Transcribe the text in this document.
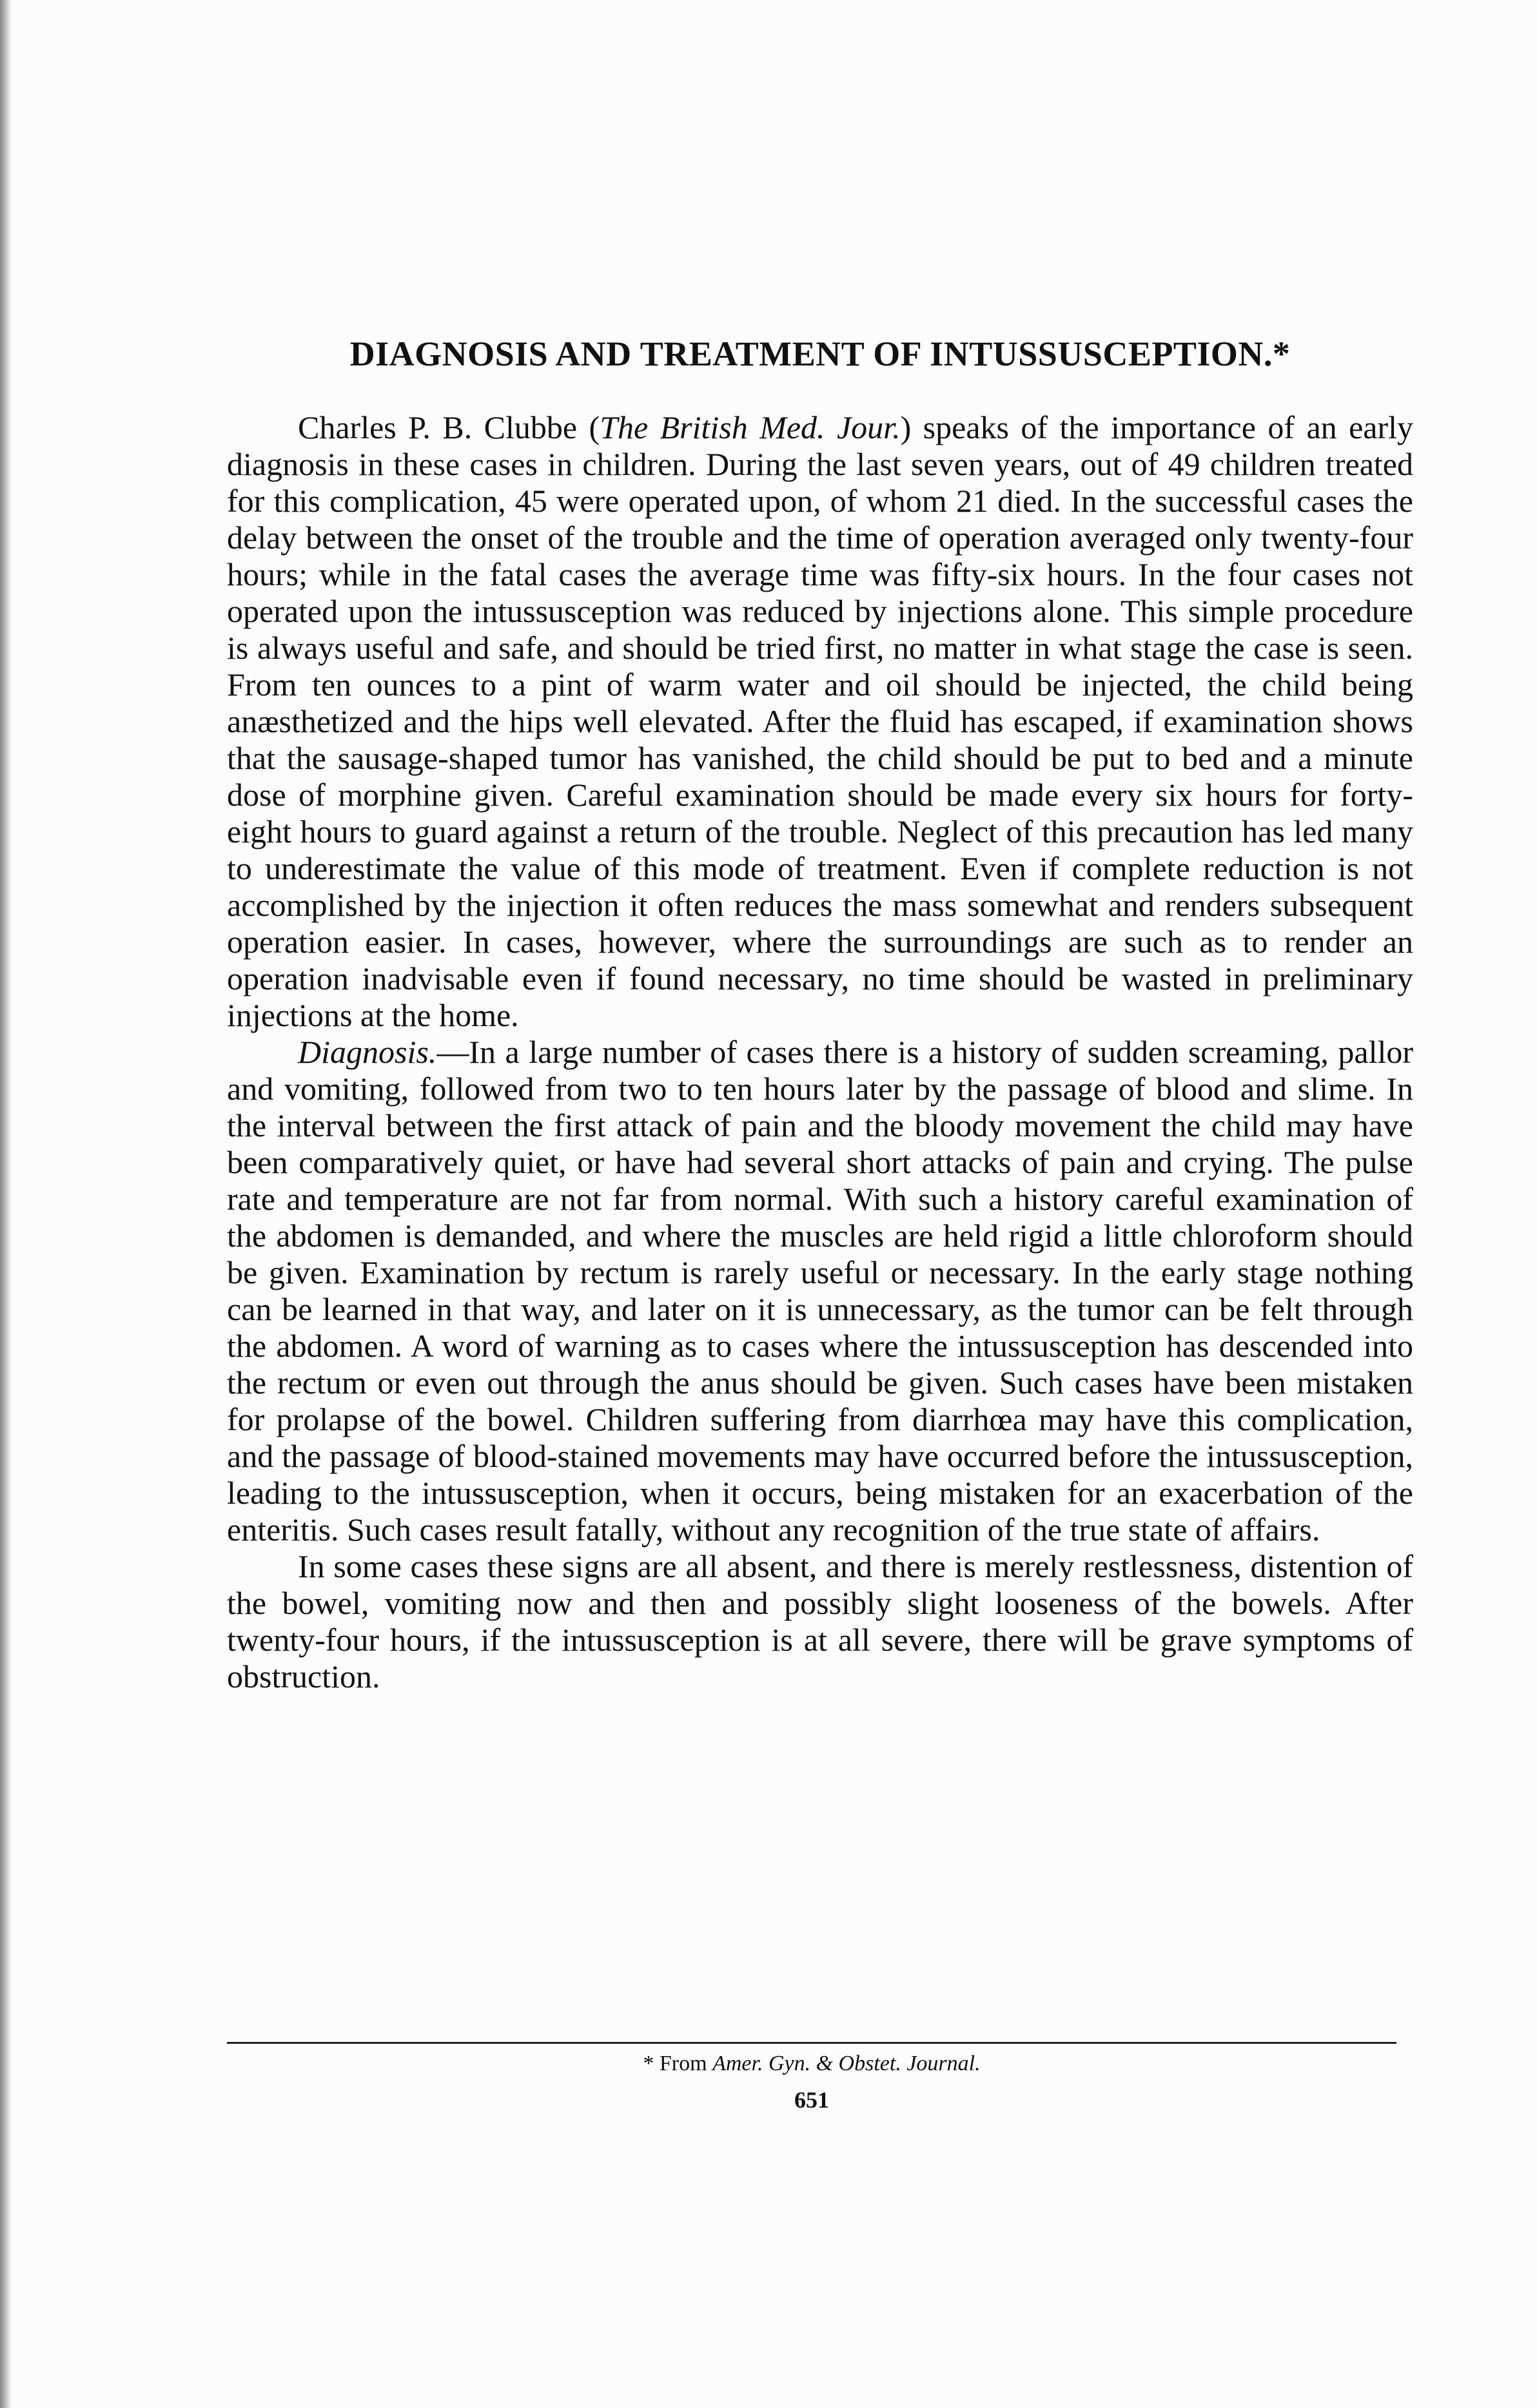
DIAGNOSIS AND TREATMENT OF INTUSSUSCEPTION.*

Charles P. B. Clubbe (The British Med. Jour.) speaks of the importance of an early diagnosis in these cases in children. During the last seven years, out of 49 children treated for this complication, 45 were operated upon, of whom 21 died. In the successful cases the delay between the onset of the trouble and the time of operation averaged only twenty-four hours; while in the fatal cases the average time was fifty-six hours. In the four cases not operated upon the intussusception was reduced by injections alone. This simple procedure is always useful and safe, and should be tried first, no matter in what stage the case is seen. From ten ounces to a pint of warm water and oil should be injected, the child being anæsthetized and the hips well elevated. After the fluid has escaped, if examination shows that the sausage-shaped tumor has vanished, the child should be put to bed and a minute dose of morphine given. Careful examination should be made every six hours for forty-eight hours to guard against a return of the trouble. Neglect of this precaution has led many to underestimate the value of this mode of treatment. Even if complete reduction is not accomplished by the injection it often reduces the mass somewhat and renders subsequent operation easier. In cases, however, where the surroundings are such as to render an operation inadvisable even if found necessary, no time should be wasted in preliminary injections at the home.

Diagnosis.—In a large number of cases there is a history of sudden screaming, pallor and vomiting, followed from two to ten hours later by the passage of blood and slime. In the interval between the first attack of pain and the bloody movement the child may have been comparatively quiet, or have had several short attacks of pain and crying. The pulse rate and temperature are not far from normal. With such a history careful examination of the abdomen is demanded, and where the muscles are held rigid a little chloroform should be given. Examination by rectum is rarely useful or necessary. In the early stage nothing can be learned in that way, and later on it is unnecessary, as the tumor can be felt through the abdomen. A word of warning as to cases where the intussusception has descended into the rectum or even out through the anus should be given. Such cases have been mistaken for prolapse of the bowel. Children suffering from diarrhœa may have this complication, and the passage of blood-stained movements may have occurred before the intussusception, leading to the intussusception, when it occurs, being mistaken for an exacerbation of the enteritis. Such cases result fatally, without any recognition of the true state of affairs.

In some cases these signs are all absent, and there is merely restlessness, distention of the bowel, vomiting now and then and possibly slight looseness of the bowels. After twenty-four hours, if the intussusception is at all severe, there will be grave symptoms of obstruction.

* From Amer. Gyn. & Obstet. Journal.
651
